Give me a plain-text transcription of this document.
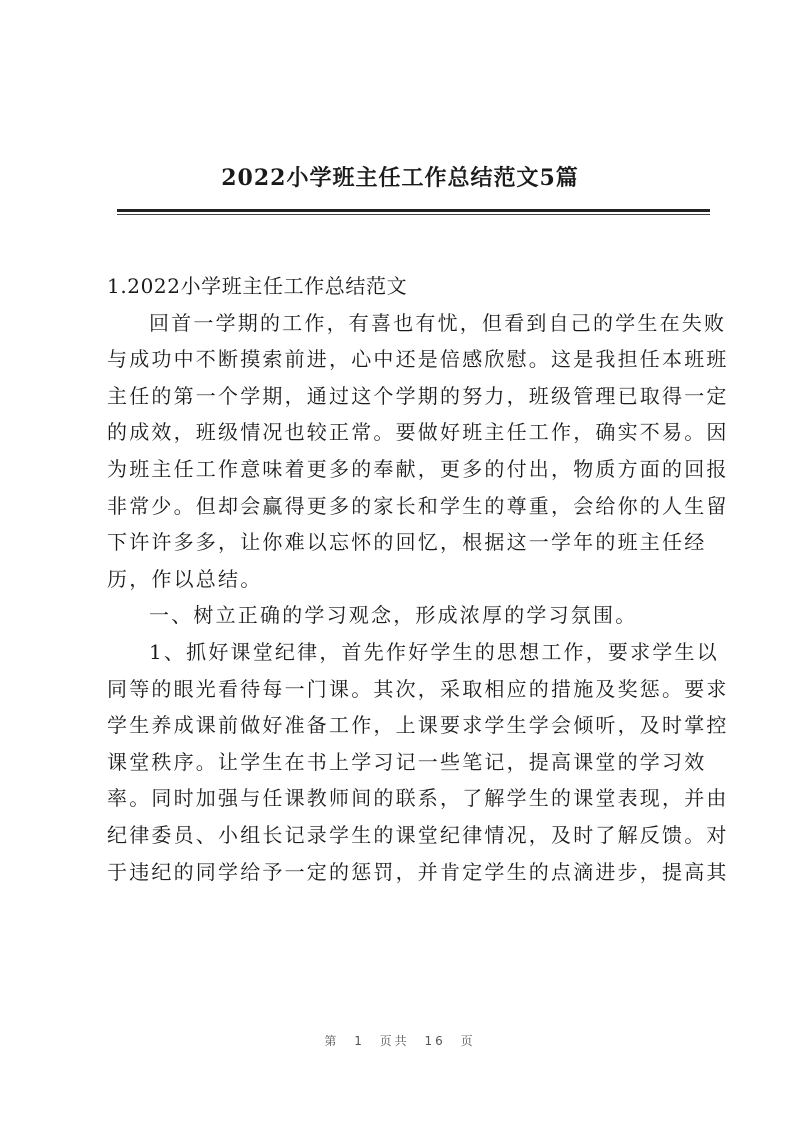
2022小学班主任工作总结范文5篇
1.2022小学班主任工作总结范文
回首一学期的工作，有喜也有忧，但看到自己的学生在失败
与成功中不断摸索前进，心中还是倍感欣慰。这是我担任本班班
主任的第一个学期，通过这个学期的努力，班级管理已取得一定
的成效，班级情况也较正常。要做好班主任工作，确实不易。因
为班主任工作意味着更多的奉献，更多的付出，物质方面的回报
非常少。但却会赢得更多的家长和学生的尊重，会给你的人生留
下许许多多，让你难以忘怀的回忆，根据这一学年的班主任经
历，作以总结。
一、树立正确的学习观念，形成浓厚的学习氛围。
1、抓好课堂纪律，首先作好学生的思想工作，要求学生以
同等的眼光看待每一门课。其次，采取相应的措施及奖惩。要求
学生养成课前做好准备工作，上课要求学生学会倾听，及时掌控
课堂秩序。让学生在书上学习记一些笔记，提高课堂的学习效
率。同时加强与任课教师间的联系，了解学生的课堂表现，并由
纪律委员、小组长记录学生的课堂纪律情况，及时了解反馈。对
于违纪的同学给予一定的惩罚，并肯定学生的点滴进步，提高其
第 1 页共 16 页
